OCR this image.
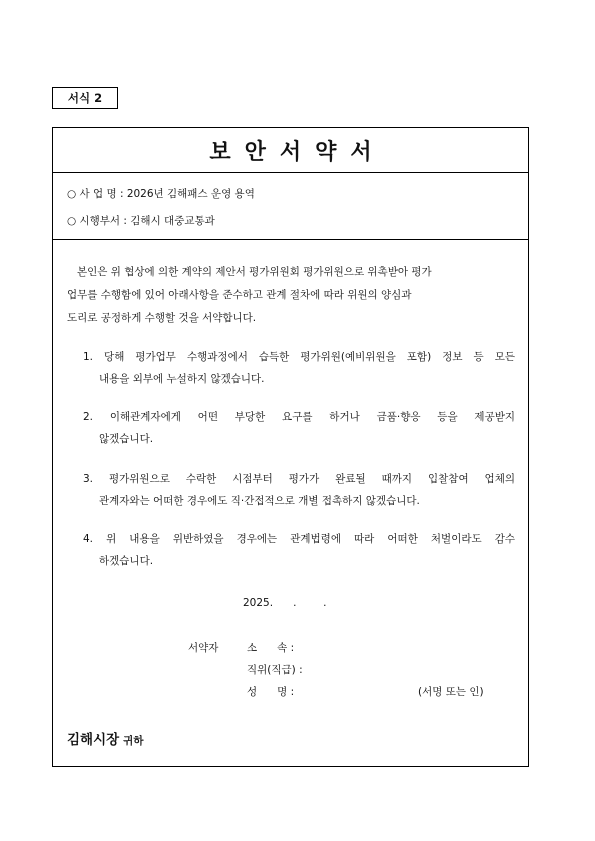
서식 2
보안서약서
○ 사 업 명 : 2026년 김해패스 운영 용역
○ 시행부서 : 김해시 대중교통과
본인은 위 협상에 의한 계약의 제안서 평가위원회 평가위원으로 위촉받아 평가
업무를 수행함에 있어 아래사항을 준수하고 관계 절차에 따라 위원의 양심과
도리로 공정하게 수행할 것을 서약합니다.
1. 당해 평가업무 수행과정에서 습득한 평가위원(예비위원을 포함) 정보 등 모든
내용을 외부에 누설하지 않겠습니다.
2. 이해관계자에게 어떤 부당한 요구를 하거나 금품·향응 등을 제공받지
않겠습니다.
3. 평가위원으로 수락한 시점부터 평가가 완료될 때까지 입찰참여 업체의
관계자와는 어떠한 경우에도 직·간접적으로 개별 접촉하지 않겠습니다.
4. 위 내용을 위반하였을 경우에는 관계법령에 따라 어떠한 처벌이라도 감수
하겠습니다.
2025.      .        .
서약자	소      속 :
직위(직급) :
성      명 :	(서명 또는 인)
김해시장 귀하
